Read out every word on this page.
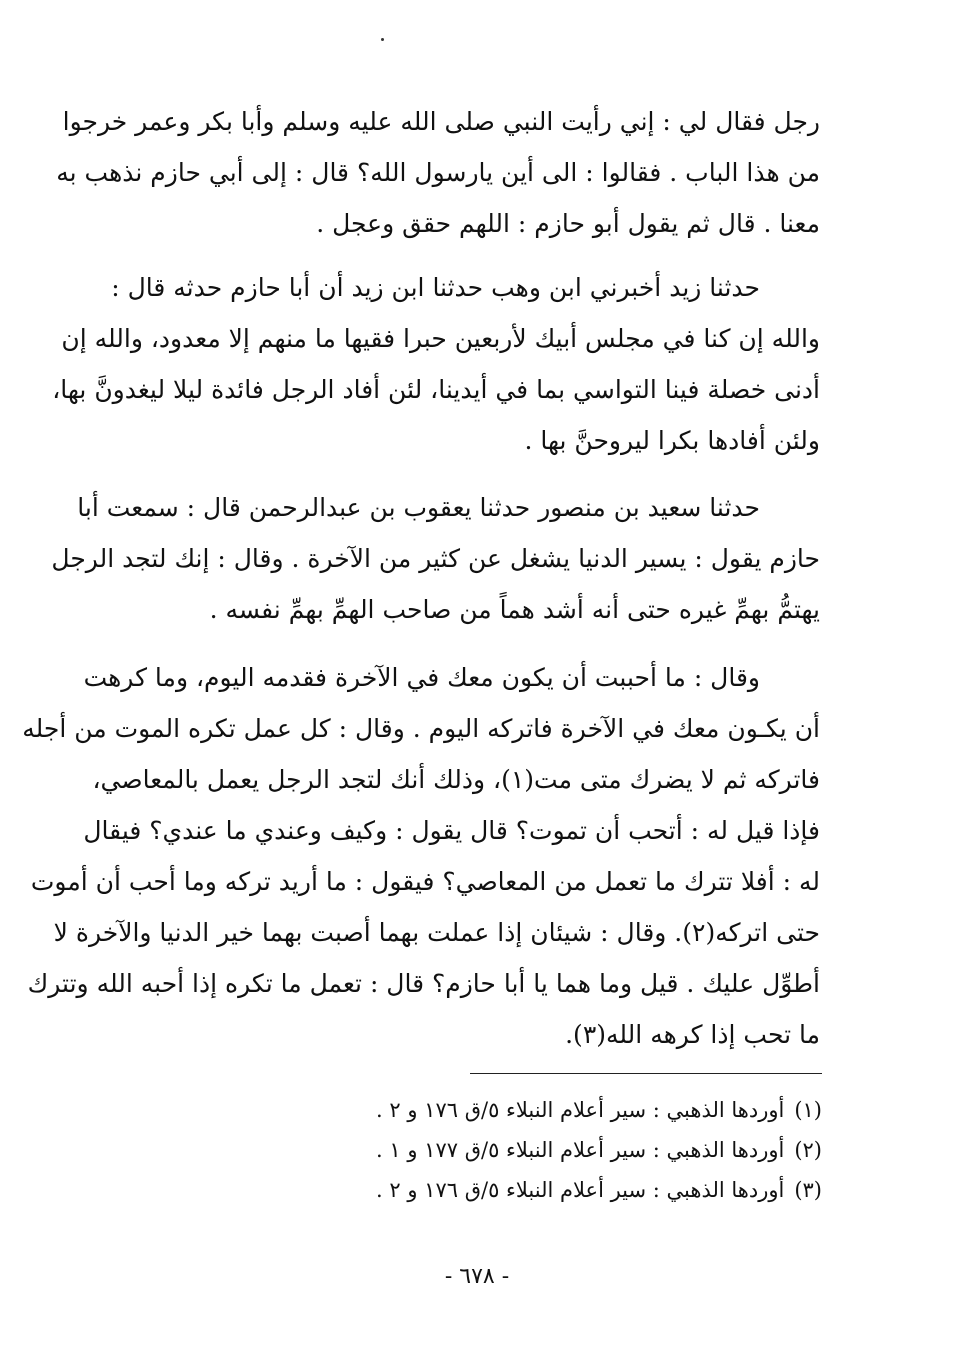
رجل فقال لي : إني رأيت النبي صلى الله عليه وسلم وأبا بكر وعمر خرجوا
من هذا الباب . فقالوا : الى أين يارسول الله؟ قال : إلى أبي حازم نذهب به
معنا . قال ثم يقول أبو حازم : اللهم حقق وعجل .
حدثنا زيد أخبرني ابن وهب حدثنا ابن زيد أن أبا حازم حدثه قال :
والله إن كنا في مجلس أبيك لأربعين حبرا فقيها ما منهم إلا معدود، والله إن
أدنى خصلة فينا التواسي بما في أيدينا، لئن أفاد الرجل فائدة ليلا ليغدونَّ بها،
ولئن أفادها بكرا ليروحنَّ بها .
حدثنا سعيد بن منصور حدثنا يعقوب بن عبدالرحمن قال : سمعت أبا
حازم يقول : يسير الدنيا يشغل عن كثير من الآخرة . وقال : إنك لتجد الرجل
يهتمُّ بهمِّ غيره حتى أنه أشد هماً من صاحب الهمِّ بهمِّ نفسه .
وقال : ما أحببت أن يكون معك في الآخرة فقدمه اليوم، وما كرهت
أن يكـون معك في الآخرة فاتركه اليوم . وقال : كل عمل تكره الموت من أجله
فاتركه ثم لا يضرك متى مت(١)، وذلك أنك لتجد الرجل يعمل بالمعاصي،
فإذا قيل له : أتحب أن تموت؟ قال يقول : وكيف وعندي ما عندي؟ فيقال
له : أفلا تترك ما تعمل من المعاصي؟ فيقول : ما أريد تركه وما أحب أن أموت
حتى اتركه(٢). وقال : شيئان إذا عملت بهما أصبت بهما خير الدنيا والآخرة لا
أطوِّل عليك . قيل وما هما يا أبا حازم؟ قال : تعمل ما تكره إذا أحبه الله وتترك
ما تحب إذا كرهه الله(٣).
(١)أوردها الذهبي : سير أعلام النبلاء ٥/ق ١٧٦ و ٢ .
(٢)أوردها الذهبي : سير أعلام النبلاء ٥/ق ١٧٧ و ١ .
(٣)أوردها الذهبي : سير أعلام النبلاء ٥/ق ١٧٦ و ٢ .
- ٦٧٨ -
